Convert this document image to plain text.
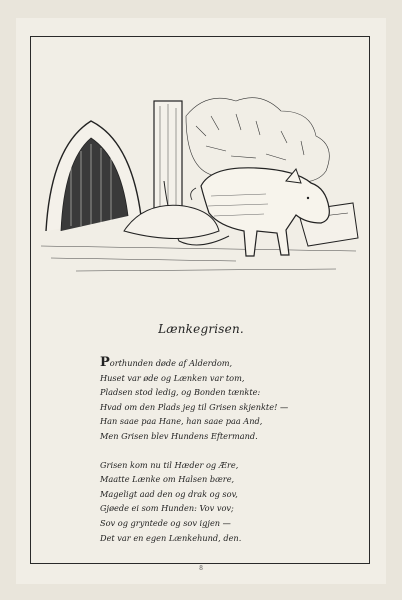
Lænkegrisen.
Porthunden døde af Alderdom,
Huset var øde og Lænken var tom,
Pladsen stod ledig, og Bonden tænkte:
Hvad om den Plads jeg til Grisen skjenkte! —
Han saae paa Hane, han saae paa And,
Men Grisen blev Hundens Eftermand.
Grisen kom nu til Hæder og Ære,
Maatte Lænke om Halsen bære,
Mageligt aad den og drak og sov,
Gjøede ei som Hunden: Vov vov;
Sov og gryntede og sov igjen —
Det var en egen Lænkehund, den.
8
